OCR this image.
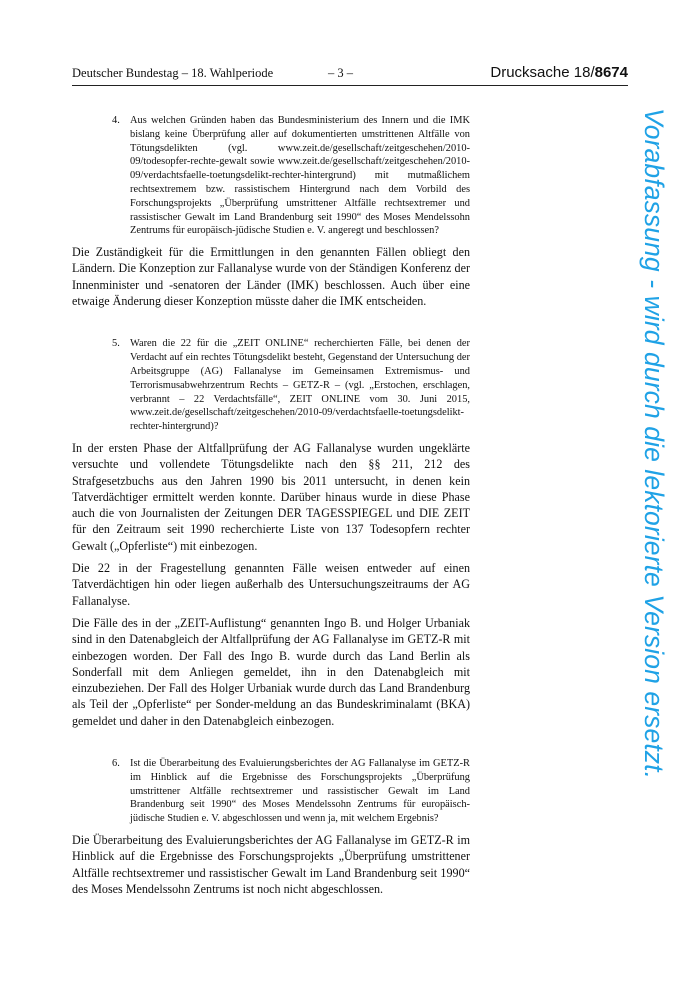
Deutscher Bundestag – 18. Wahlperiode	– 3 –	Drucksache 18/8674
4. Aus welchen Gründen haben das Bundesministerium des Innern und die IMK bislang keine Überprüfung aller auf dokumentierten umstrittenen Altfälle von Tötungsdelikten (vgl. www.zeit.de/gesellschaft/zeitgeschehen/2010-09/todesopfer-rechte-gewalt sowie www.zeit.de/gesellschaft/zeitgeschehen/2010-09/verdachtsfaelle-toetungsdelikt-rechter-hintergrund) mit mutmaßlichem rechtsextremem bzw. rassistischem Hintergrund nach dem Vorbild des Forschungsprojekts „Überprüfung umstrittener Altfälle rechtsextremer und rassistischer Gewalt im Land Brandenburg seit 1990“ des Moses Mendelssohn Zentrums für europäisch-jüdische Studien e. V. angeregt und beschlossen?

Die Zuständigkeit für die Ermittlungen in den genannten Fällen obliegt den Ländern. Die Konzeption zur Fallanalyse wurde von der Ständigen Konferenz der Innenminister und -senatoren der Länder (IMK) beschlossen. Auch über eine etwaige Änderung dieser Konzeption müsste daher die IMK entscheiden.

5. Waren die 22 für die „ZEIT ONLINE“ recherchierten Fälle, bei denen der Verdacht auf ein rechtes Tötungsdelikt besteht, Gegenstand der Untersuchung der Arbeitsgruppe (AG) Fallanalyse im Gemeinsamen Extremismus- und Terrorismusabwehrzentrum Rechts – GETZ-R – (vgl. „Erstochen, erschlagen, verbrannt – 22 Verdachtsfälle“, ZEIT ONLINE vom 30. Juni 2015, www.zeit.de/gesellschaft/zeitgeschehen/2010-09/verdachtsfaelle-toetungsdelikt-rechter-hintergrund)?

In der ersten Phase der Altfallprüfung der AG Fallanalyse wurden ungeklärte versuchte und vollendete Tötungsdelikte nach den §§ 211, 212 des Strafgesetzbuchs aus den Jahren 1990 bis 2011 untersucht, in denen kein Tatverdächtiger ermittelt werden konnte. Darüber hinaus wurde in diese Phase auch die von Journalisten der Zeitungen DER TAGESSPIEGEL und DIE ZEIT für den Zeitraum seit 1990 recherchierte Liste von 137 Todesopfern rechter Gewalt („Opferliste“) mit einbezogen.

Die 22 in der Fragestellung genannten Fälle weisen entweder auf einen Tatverdächtigen hin oder liegen außerhalb des Untersuchungszeitraums der AG Fallanalyse.

Die Fälle des in der „ZEIT-Auflistung“ genannten Ingo B. und Holger Urbaniak sind in den Datenabgleich der Altfallprüfung der AG Fallanalyse im GETZ-R mit einbezogen worden. Der Fall des Ingo B. wurde durch das Land Berlin als Sonderfall mit dem Anliegen gemeldet, ihn in den Datenabgleich mit einzubeziehen. Der Fall des Holger Urbaniak wurde durch das Land Brandenburg als Teil der „Opferliste“ per Sonder-meldung an das Bundeskriminalamt (BKA) gemeldet und daher in den Datenabgleich einbezogen.

6. Ist die Überarbeitung des Evaluierungsberichtes der AG Fallanalyse im GETZ-R im Hinblick auf die Ergebnisse des Forschungsprojekts „Überprüfung umstrittener Altfälle rechtsextremer und rassistischer Gewalt im Land Brandenburg seit 1990“ des Moses Mendelssohn Zentrums für europäisch-jüdische Studien e. V. abgeschlossen und wenn ja, mit welchem Ergebnis?

Die Überarbeitung des Evaluierungsberichtes der AG Fallanalyse im GETZ-R im Hinblick auf die Ergebnisse des Forschungsprojekts „Überprüfung umstrittener Altfälle rechtsextremer und rassistischer Gewalt im Land Brandenburg seit 1990“ des Moses Mendelssohn Zentrums ist noch nicht abgeschlossen.

Vorabfassung - wird durch die lektorierte Version ersetzt.
